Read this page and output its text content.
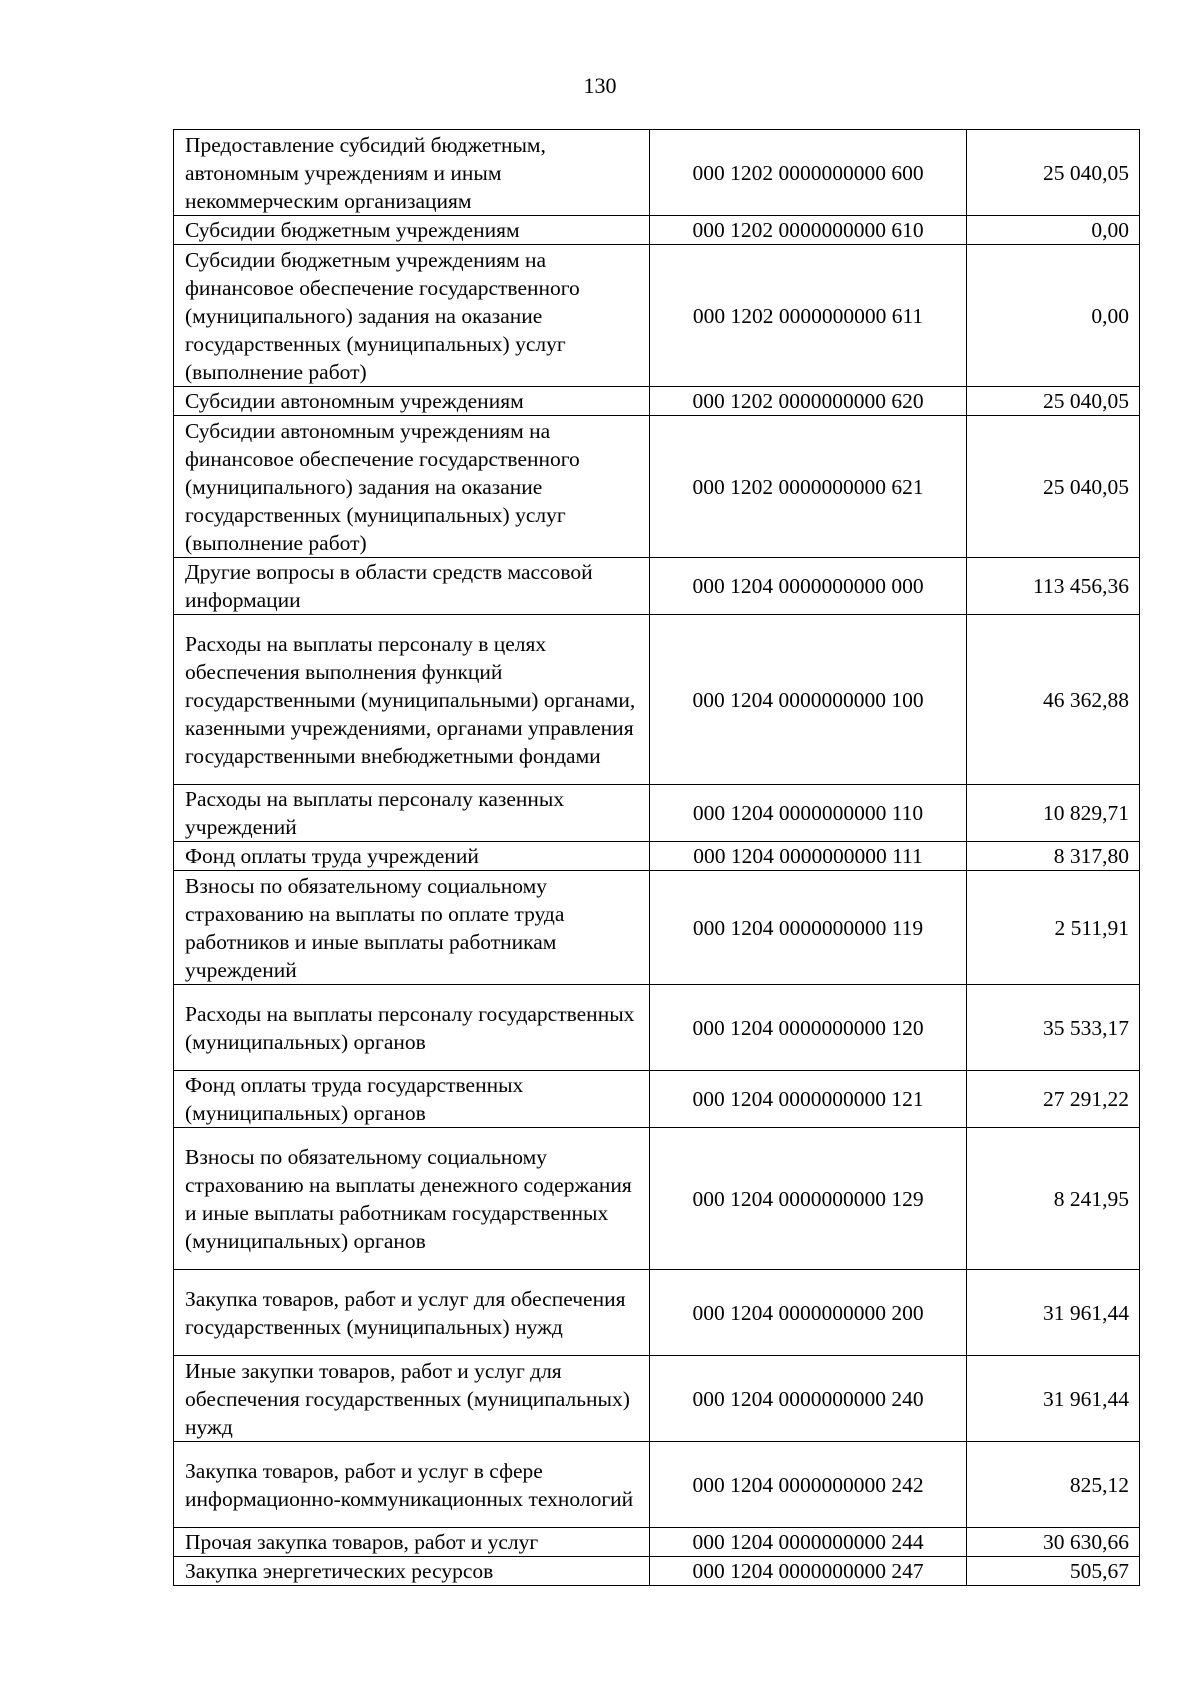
130
Предоставление субсидий бюджетным, автономным учреждениям и иным некоммерческим организациям	000 1202 0000000000 600	25 040,05
Субсидии бюджетным учреждениям	000 1202 0000000000 610	0,00
Субсидии бюджетным учреждениям на финансовое обеспечение государственного (муниципального) задания на оказание государственных (муниципальных) услуг (выполнение работ)	000 1202 0000000000 611	0,00
Субсидии автономным учреждениям	000 1202 0000000000 620	25 040,05
Субсидии автономным учреждениям на финансовое обеспечение государственного (муниципального) задания на оказание государственных (муниципальных) услуг (выполнение работ)	000 1202 0000000000 621	25 040,05
Другие вопросы в области средств массовой информации	000 1204 0000000000 000	113 456,36
Расходы на выплаты персоналу в целях обеспечения выполнения функций государственными (муниципальными) органами, казенными учреждениями, органами управления государственными внебюджетными фондами	000 1204 0000000000 100	46 362,88
Расходы на выплаты персоналу казенных учреждений	000 1204 0000000000 110	10 829,71
Фонд оплаты труда учреждений	000 1204 0000000000 111	8 317,80
Взносы по обязательному социальному страхованию на выплаты по оплате труда работников и иные выплаты работникам учреждений	000 1204 0000000000 119	2 511,91
Расходы на выплаты персоналу государственных (муниципальных) органов	000 1204 0000000000 120	35 533,17
Фонд оплаты труда государственных (муниципальных) органов	000 1204 0000000000 121	27 291,22
Взносы по обязательному социальному страхованию на выплаты денежного содержания и иные выплаты работникам государственных (муниципальных) органов	000 1204 0000000000 129	8 241,95
Закупка товаров, работ и услуг для обеспечения государственных (муниципальных) нужд	000 1204 0000000000 200	31 961,44
Иные закупки товаров, работ и услуг для обеспечения государственных (муниципальных) нужд	000 1204 0000000000 240	31 961,44
Закупка товаров, работ и услуг в сфере информационно-коммуникационных технологий	000 1204 0000000000 242	825,12
Прочая закупка товаров, работ и услуг	000 1204 0000000000 244	30 630,66
Закупка энергетических ресурсов	000 1204 0000000000 247	505,67
